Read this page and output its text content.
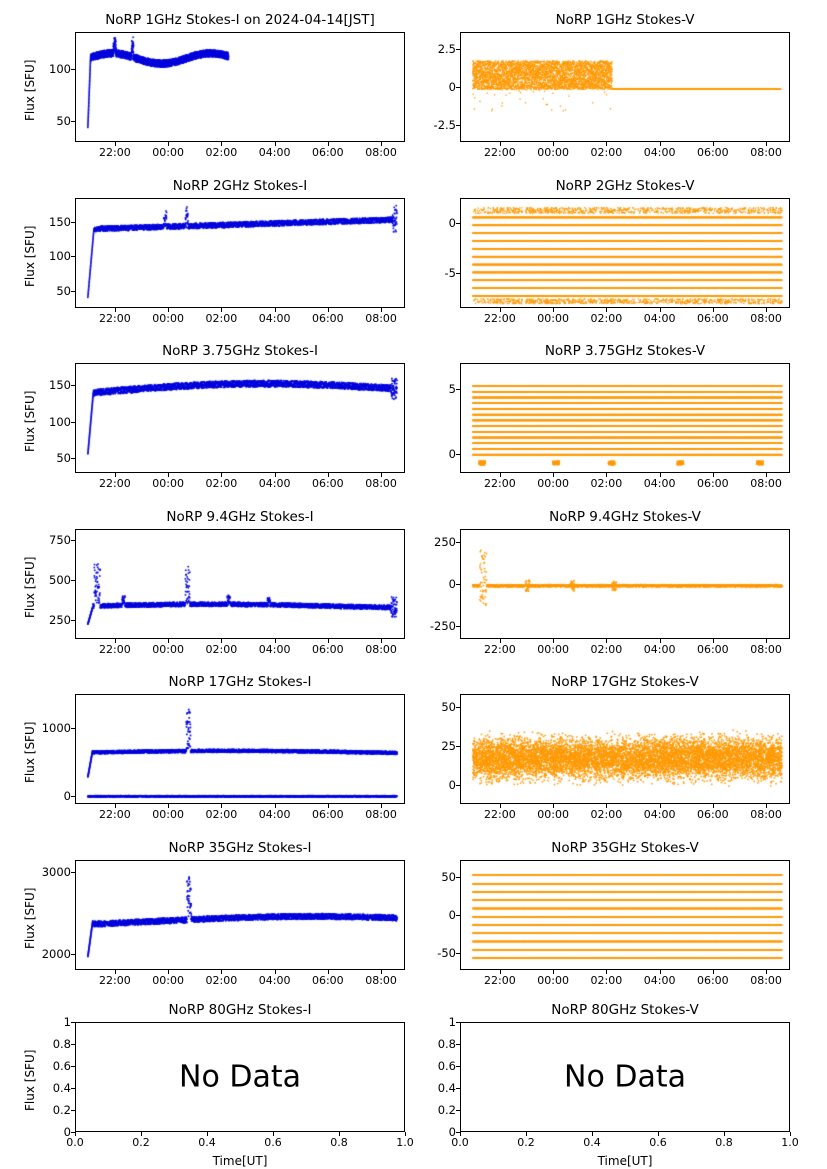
NoRP 1GHz Stokes-I on 2024-04-14[JST]
Flux [SFU]
50
100
22:00 00:00 02:00 04:00 06:00 08:00
NoRP 1GHz Stokes-V
-2.5
0
2.5
22:00 00:00 02:00 04:00 06:00 08:00
NoRP 2GHz Stokes-I
Flux [SFU]
50
100
150
22:00 00:00 02:00 04:00 06:00 08:00
NoRP 2GHz Stokes-V
-5
0
22:00 00:00 02:00 04:00 06:00 08:00
NoRP 3.75GHz Stokes-I
Flux [SFU]
50
100
150
22:00 00:00 02:00 04:00 06:00 08:00
NoRP 3.75GHz Stokes-V
0
5
22:00 00:00 02:00 04:00 06:00 08:00
NoRP 9.4GHz Stokes-I
Flux [SFU]
250
500
750
22:00 00:00 02:00 04:00 06:00 08:00
NoRP 9.4GHz Stokes-V
-250
0
250
22:00 00:00 02:00 04:00 06:00 08:00
NoRP 17GHz Stokes-I
Flux [SFU]
0
1000
22:00 00:00 02:00 04:00 06:00 08:00
NoRP 17GHz Stokes-V
0
25
50
22:00 00:00 02:00 04:00 06:00 08:00
NoRP 35GHz Stokes-I
Flux [SFU]
2000
3000
22:00 00:00 02:00 04:00 06:00 08:00
NoRP 35GHz Stokes-V
-50
0
50
22:00 00:00 02:00 04:00 06:00 08:00
NoRP 80GHz Stokes-I
No Data
Flux [SFU]
Time[UT]
0
0.2
0.4
0.6
0.8
1
0.0	0.2	0.4	0.6	0.8	1.0
NoRP 80GHz Stokes-V
No Data
Time[UT]
0
0.2
0.4
0.6
0.8
1
0.0	0.2	0.4	0.6	0.8	1.0
